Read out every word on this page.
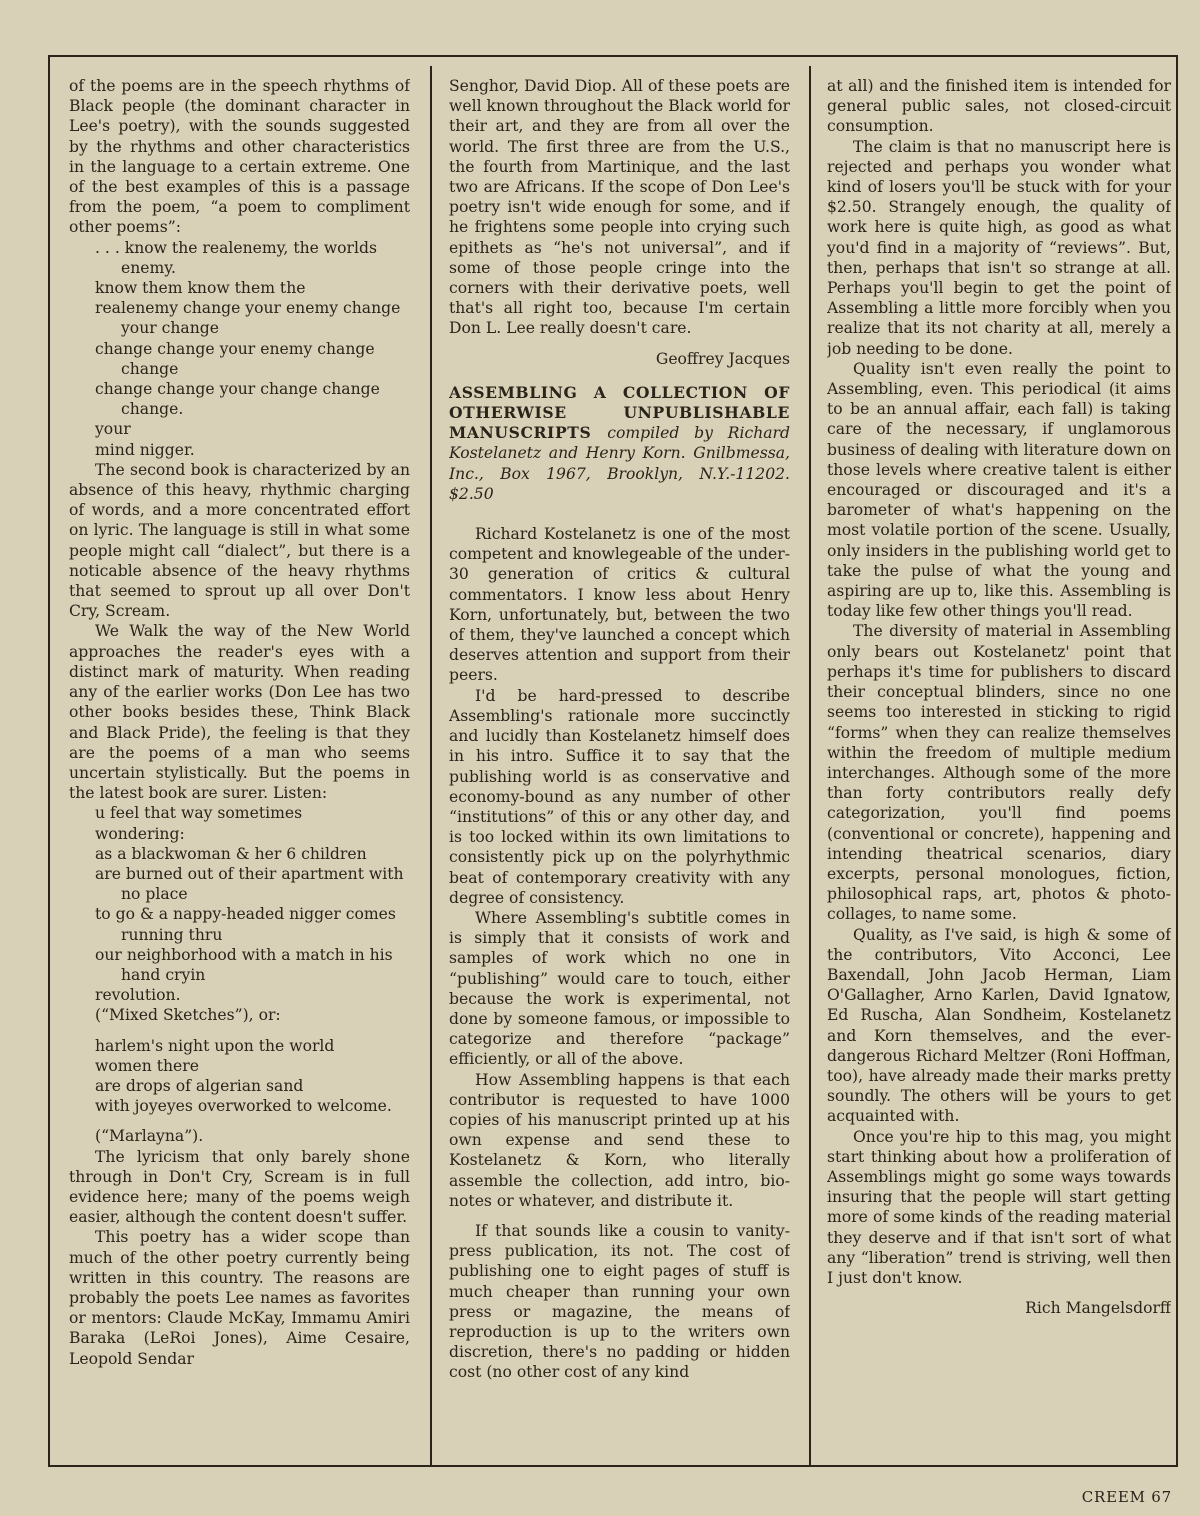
of the poems are in the speech rhythms of Black people (the dominant character in Lee's poetry), with the sounds suggested by the rhythms and other characteristics in the language to a certain extreme. One of the best examples of this is a passage from the poem, “a poem to compliment other poems”:

. . . know the realenemy, the worlds enemy.
know them know them the
realenemy change your enemy change your change
change change your enemy change change
change change your change change change.
your
mind nigger.

The second book is characterized by an absence of this heavy, rhythmic charging of words, and a more concentrated effort on lyric. The language is still in what some people might call “dialect”, but there is a noticable absence of the heavy rhythms that seemed to sprout up all over Don't Cry, Scream.

We Walk the way of the New World approaches the reader's eyes with a distinct mark of maturity. When reading any of the earlier works (Don Lee has two other books besides these, Think Black and Black Pride), the feeling is that they are the poems of a man who seems uncertain stylistically. But the poems in the latest book are surer. Listen:

u feel that way sometimes
wondering:
as a blackwoman & her 6 children
are burned out of their apartment with no place
to go & a nappy-headed nigger comes running thru
our neighborhood with a match in his hand cryin
revolution.
(“Mixed Sketches”), or:
harlem's night upon the world
women there
are drops of algerian sand
with joyeyes overworked to welcome.
(“Marlayna”).

The lyricism that only barely shone through in Don't Cry, Scream is in full evidence here; many of the poems weigh easier, although the content doesn't suffer.

This poetry has a wider scope than much of the other poetry currently being written in this country. The reasons are probably the poets Lee names as favorites or mentors: Claude McKay, Immamu Amiri Baraka (LeRoi Jones), Aime Cesaire, Leopold Sendar

Senghor, David Diop. All of these poets are well known throughout the Black world for their art, and they are from all over the world. The first three are from the U.S., the fourth from Martinique, and the last two are Africans. If the scope of Don Lee's poetry isn't wide enough for some, and if he frightens some people into crying such epithets as “he's not universal”, and if some of those people cringe into the corners with their derivative poets, well that's all right too, because I'm certain Don L. Lee really doesn't care.

Geoffrey Jacques

ASSEMBLING A COLLECTION OF OTHERWISE UNPUBLISHABLE MANUSCRIPTS compiled by Richard Kostelanetz and Henry Korn. Gnilbmessa, Inc., Box 1967, Brooklyn, N.Y.-11202. $2.50

Richard Kostelanetz is one of the most competent and knowlegeable of the under-30 generation of critics & cultural commentators. I know less about Henry Korn, unfortunately, but, between the two of them, they've launched a concept which deserves attention and support from their peers.

I'd be hard-pressed to describe Assembling's rationale more succinctly and lucidly than Kostelanetz himself does in his intro. Suffice it to say that the publishing world is as conservative and economy-bound as any number of other “institutions” of this or any other day, and is too locked within its own limitations to consistently pick up on the polyrhythmic beat of contemporary creativity with any degree of consistency.

Where Assembling's subtitle comes in is simply that it consists of work and samples of work which no one in “publishing” would care to touch, either because the work is experimental, not done by someone famous, or impossible to categorize and therefore “package” efficiently, or all of the above.

How Assembling happens is that each contributor is requested to have 1000 copies of his manuscript printed up at his own expense and send these to Kostelanetz & Korn, who literally assemble the collection, add intro, bio-notes or whatever, and distribute it.

If that sounds like a cousin to vanity-press publication, its not. The cost of publishing one to eight pages of stuff is much cheaper than running your own press or magazine, the means of reproduction is up to the writers own discretion, there's no padding or hidden cost (no other cost of any kind

at all) and the finished item is intended for general public sales, not closed-circuit consumption.

The claim is that no manuscript here is rejected and perhaps you wonder what kind of losers you'll be stuck with for your $2.50. Strangely enough, the quality of work here is quite high, as good as what you'd find in a majority of “reviews”. But, then, perhaps that isn't so strange at all. Perhaps you'll begin to get the point of Assembling a little more forcibly when you realize that its not charity at all, merely a job needing to be done.

Quality isn't even really the point to Assembling, even. This periodical (it aims to be an annual affair, each fall) is taking care of the necessary, if unglamorous business of dealing with literature down on those levels where creative talent is either encouraged or discouraged and it's a barometer of what's happening on the most volatile portion of the scene. Usually, only insiders in the publishing world get to take the pulse of what the young and aspiring are up to, like this. Assembling is today like few other things you'll read.

The diversity of material in Assembling only bears out Kostelanetz' point that perhaps it's time for publishers to discard their conceptual blinders, since no one seems too interested in sticking to rigid “forms” when they can realize themselves within the freedom of multiple medium interchanges. Although some of the more than forty contributors really defy categorization, you'll find poems (conventional or concrete), happening and intending theatrical scenarios, diary excerpts, personal monologues, fiction, philosophical raps, art, photos & photo-collages, to name some.

Quality, as I've said, is high & some of the contributors, Vito Acconci, Lee Baxendall, John Jacob Herman, Liam O'Gallagher, Arno Karlen, David Ignatow, Ed Ruscha, Alan Sondheim, Kostelanetz and Korn themselves, and the ever-dangerous Richard Meltzer (Roni Hoffman, too), have already made their marks pretty soundly. The others will be yours to get acquainted with.

Once you're hip to this mag, you might start thinking about how a proliferation of Assemblings might go some ways towards insuring that the people will start getting more of some kinds of the reading material they deserve and if that isn't sort of what any “liberation” trend is striving, well then I just don't know.

Rich Mangelsdorff
CREEM 67
